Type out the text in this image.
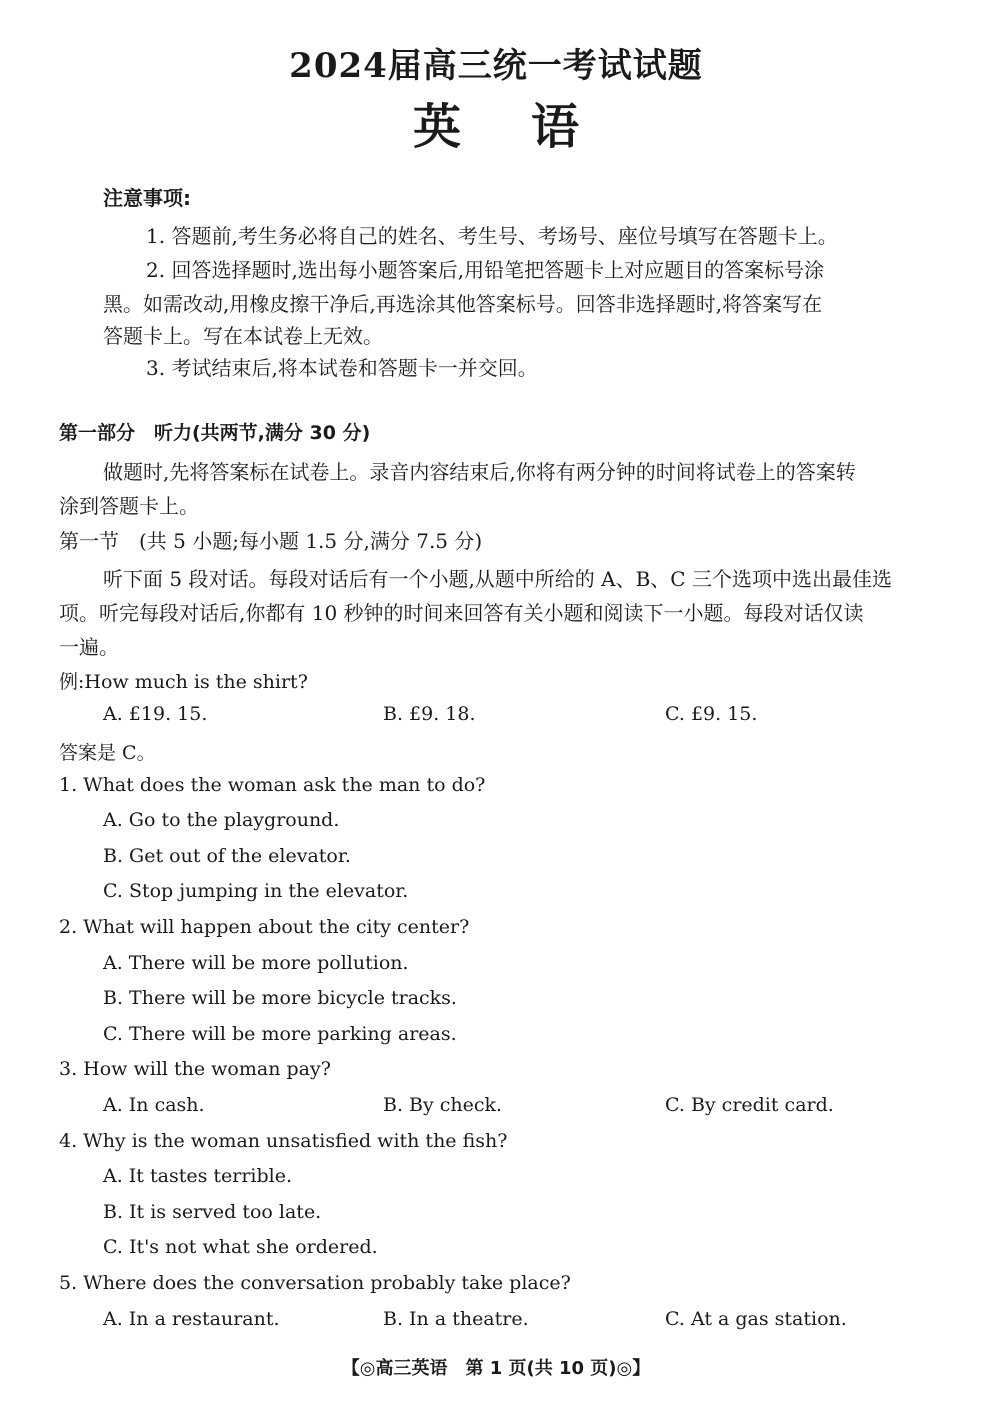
2024届高三统一考试试题
英语
注意事项:
1. 答题前,考生务必将自己的姓名、考生号、考场号、座位号填写在答题卡上。
2. 回答选择题时,选出每小题答案后,用铅笔把答题卡上对应题目的答案标号涂
黑。如需改动,用橡皮擦干净后,再选涂其他答案标号。回答非选择题时,将答案写在
答题卡上。写在本试卷上无效。
3. 考试结束后,将本试卷和答题卡一并交回。
第一部分　听力(共两节,满分 30 分)
做题时,先将答案标在试卷上。录音内容结束后,你将有两分钟的时间将试卷上的答案转
涂到答题卡上。
第一节　(共 5 小题;每小题 1.5 分,满分 7.5 分)
听下面 5 段对话。每段对话后有一个小题,从题中所给的 A、B、C 三个选项中选出最佳选
项。听完每段对话后,你都有 10 秒钟的时间来回答有关小题和阅读下一小题。每段对话仅读
一遍。
例:How much is the shirt?
A. £19. 15.	B. £9. 18.	C. £9. 15.
答案是 C。
1. What does the woman ask the man to do?
A. Go to the playground.
B. Get out of the elevator.
C. Stop jumping in the elevator.
2. What will happen about the city center?
A. There will be more pollution.
B. There will be more bicycle tracks.
C. There will be more parking areas.
3. How will the woman pay?
A. In cash.	B. By check.	C. By credit card.
4. Why is the woman unsatisfied with the fish?
A. It tastes terrible.
B. It is served too late.
C. It's not what she ordered.
5. Where does the conversation probably take place?
A. In a restaurant.	B. In a theatre.	C. At a gas station.
【◎高三英语　第 1 页(共 10 页)◎】
